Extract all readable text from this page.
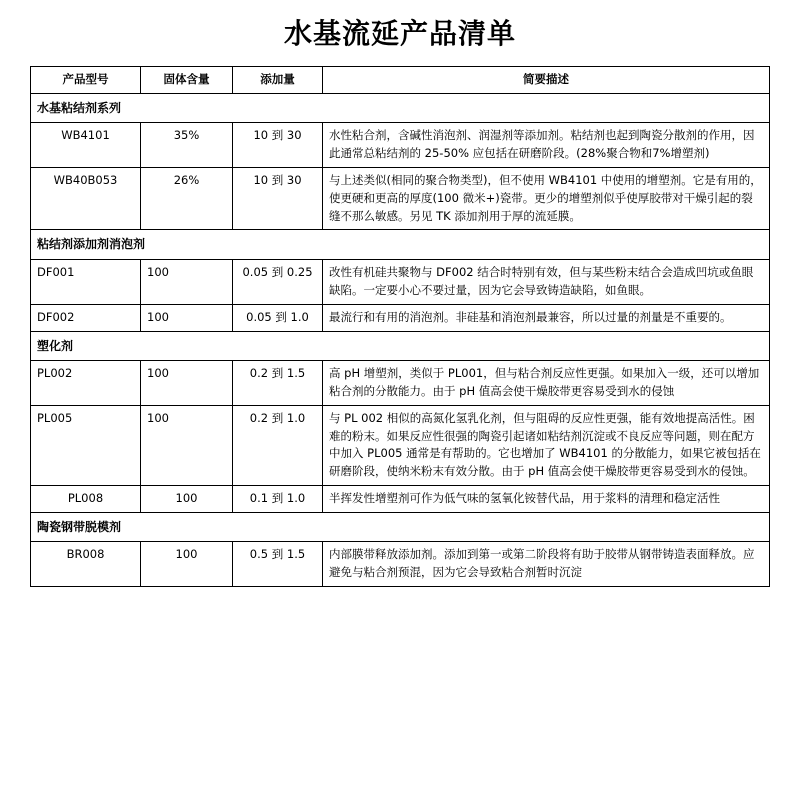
水基流延产品清单
产品型号	固体含量	添加量	简要描述
水基粘结剂系列			
WB4101	35%	10 到 30	水性粘合剂，含碱性消泡剂、润湿剂等添加剂。粘结剂也起到陶瓷分散剂的作用，因此通常总粘结剂的 25-50% 应包括在研磨阶段。(28%聚合物和7%增塑剂)
WB40B053	26%	10 到 30	与上述类似(相同的聚合物类型)，但不使用 WB4101 中使用的增塑剂。它是有用的，使更硬和更高的厚度(100 微米+)瓷带。更少的增塑剂似乎使厚胶带对干燥引起的裂缝不那么敏感。另见 TK 添加剂用于厚的流延膜。
粘结剂添加剂消泡剂			
DF001	100	0.05 到 0.25	改性有机硅共聚物与 DF002 结合时特别有效，但与某些粉末结合会造成凹坑或鱼眼缺陷。一定要小心不要过量，因为它会导致铸造缺陷，如鱼眼。
DF002	100	0.05 到 1.0	最流行和有用的消泡剂。非硅基和消泡剂最兼容，所以过量的剂量是不重要的。
塑化剂			
PL002	100	0.2 到 1.5	高 pH 增塑剂，类似于 PL001，但与粘合剂反应性更强。如果加入一级，还可以增加粘合剂的分散能力。由于 pH 值高会使干燥胶带更容易受到水的侵蚀
PL005	100	0.2 到 1.0	与 PL 002 相似的高氮化氢乳化剂，但与阻碍的反应性更强，能有效地提高活性。困难的粉末。如果反应性很强的陶瓷引起诸如粘结剂沉淀或不良反应等问题，则在配方中加入 PL005 通常是有帮助的。它也增加了 WB4101 的分散能力，如果它被包括在研磨阶段，使纳米粉末有效分散。由于 pH 值高会使干燥胶带更容易受到水的侵蚀。
PL008	100	0.1 到 1.0	半挥发性增塑剂可作为低气味的氢氧化铵替代品，用于浆料的清理和稳定活性
陶瓷钢带脱模剂			
BR008	100	0.5 到 1.5	内部膜带释放添加剂。添加到第一或第二阶段将有助于胶带从钢带铸造表面释放。应避免与粘合剂预混，因为它会导致粘合剂暂时沉淀
